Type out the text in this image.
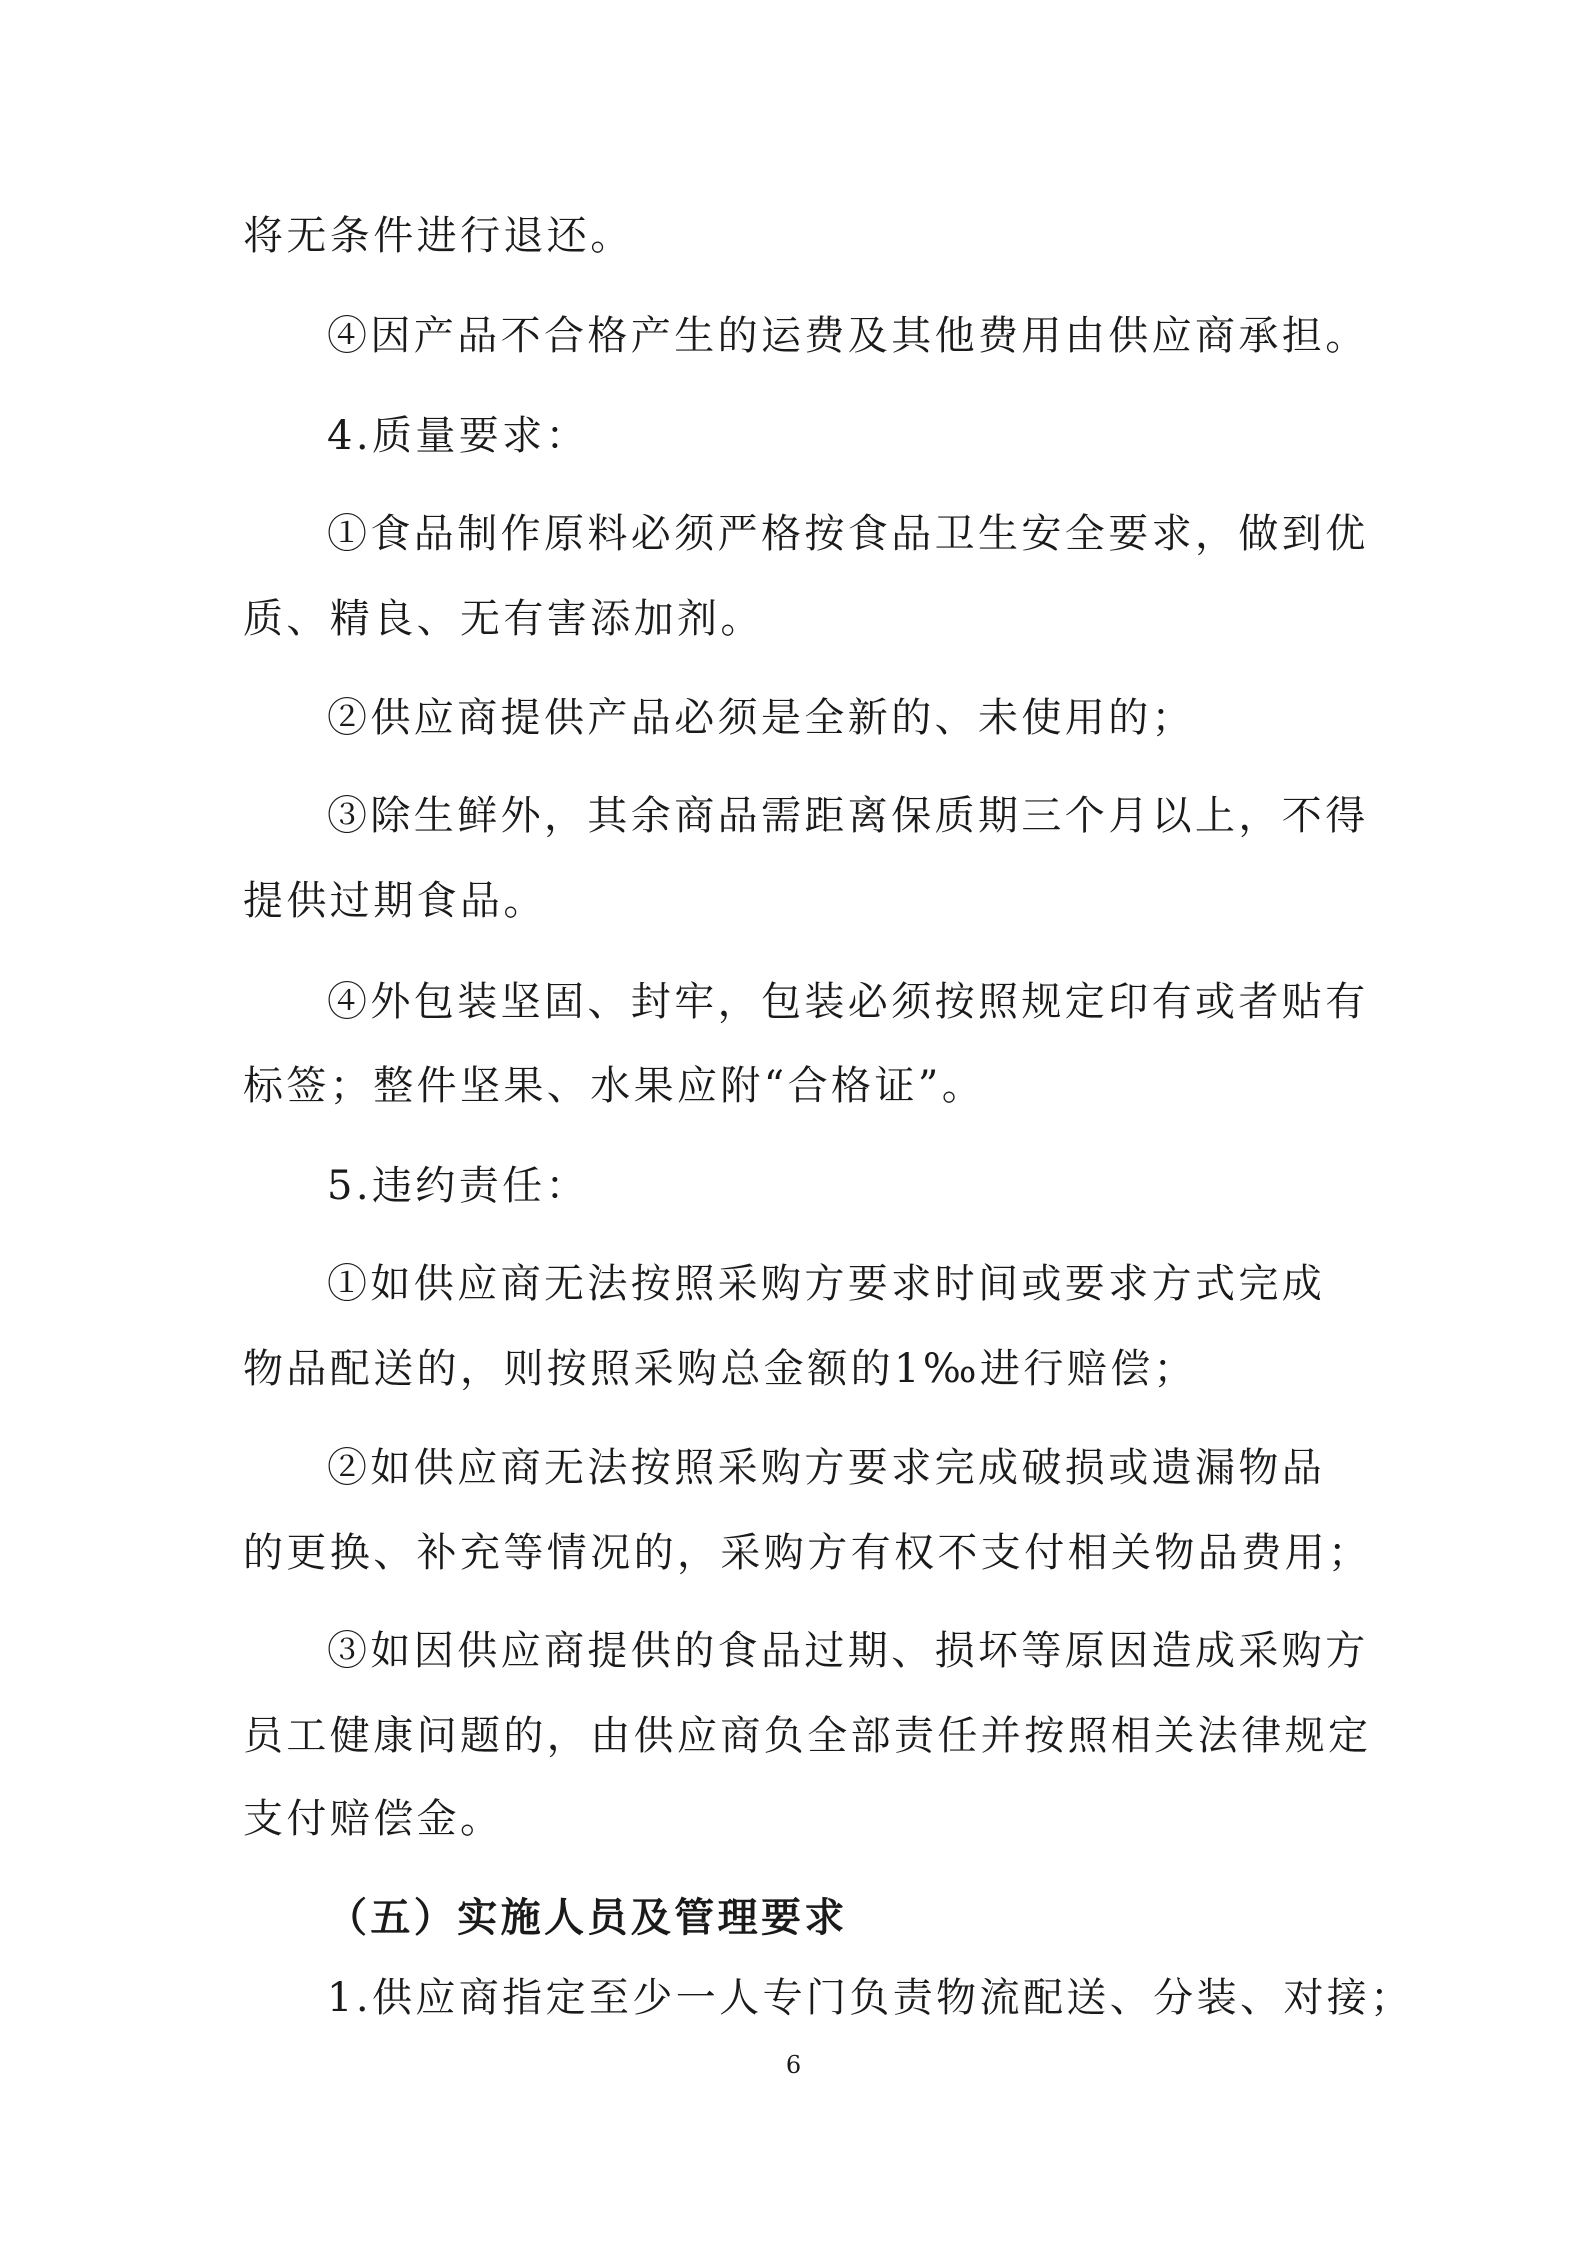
将无条件进行退还。
④因产品不合格产生的运费及其他费用由供应商承担。
4.质量要求：
①食品制作原料必须严格按食品卫生安全要求，做到优
质、精良、无有害添加剂。
②供应商提供产品必须是全新的、未使用的；
③除生鲜外，其余商品需距离保质期三个月以上，不得
提供过期食品。
④外包装坚固、封牢，包装必须按照规定印有或者贴有
标签；整件坚果、水果应附“合格证”。
5.违约责任：
①如供应商无法按照采购方要求时间或要求方式完成
物品配送的，则按照采购总金额的1‰进行赔偿；
②如供应商无法按照采购方要求完成破损或遗漏物品
的更换、补充等情况的，采购方有权不支付相关物品费用；
③如因供应商提供的食品过期、损坏等原因造成采购方
员工健康问题的，由供应商负全部责任并按照相关法律规定
支付赔偿金。
（五）实施人员及管理要求
1.供应商指定至少一人专门负责物流配送、分装、对接；
6
